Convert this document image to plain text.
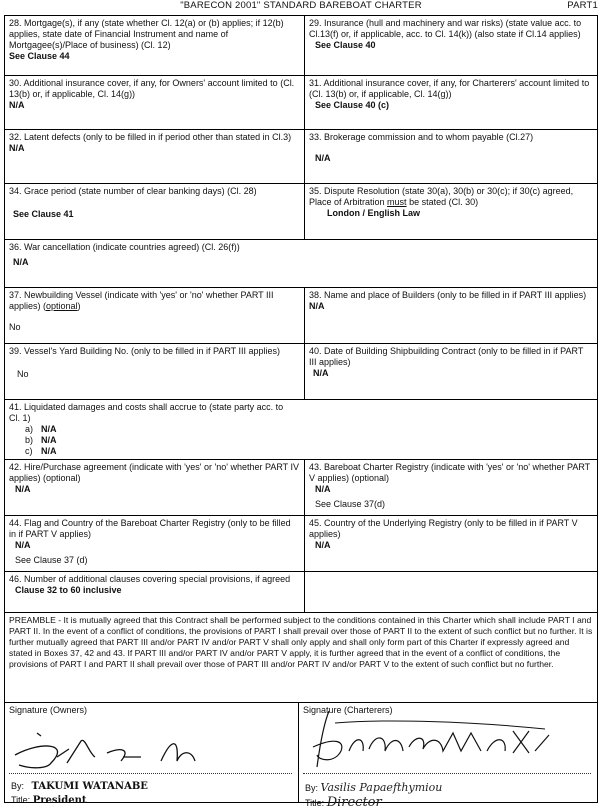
"BARECON 2001" STANDARD BAREBOAT CHARTER	PART1
28. Mortgage(s), if any (state whether Cl. 12(a) or (b) applies; if 12(b) applies, state date of Financial Instrument and name of Mortgagee(s)/Place of business) (Cl. 12)
See Clause 44
29. Insurance (hull and machinery and war risks) (state value acc. to Cl.13(f) or, if applicable, acc. to Cl. 14(k)) (also state if Cl.14 applies)
See Clause 40
30. Additional insurance cover, if any, for Owners' account limited to (Cl. 13(b) or, if applicable, Cl. 14(g))
N/A
31. Additional insurance cover, if any, for Charterers' account limited to (Cl. 13(b) or, if applicable, Cl. 14(g))
See Clause 40 (c)
32. Latent defects (only to be filled in if period other than stated in Cl.3)
N/A
33. Brokerage commission and to whom payable (Cl.27)
N/A
34. Grace period (state number of clear banking days) (Cl. 28)
See Clause 41
35. Dispute Resolution (state 30(a), 30(b) or 30(c); if 30(c) agreed, Place of Arbitration must be stated (Cl. 30)
London / English Law
36. War cancellation (indicate countries agreed) (Cl. 26(f))
N/A
37. Newbuilding Vessel (indicate with 'yes' or 'no' whether PART III applies) (optional)
No
38. Name and place of Builders (only to be filled in if PART III applies)
N/A
39. Vessel's Yard Building No. (only to be filled in if PART III applies)
No
40. Date of Building Shipbuilding Contract (only to be filled in if PART III applies)
N/A
41. Liquidated damages and costs shall accrue to (state party acc. to Cl. 1)
a) N/A
b) N/A
c) N/A
42. Hire/Purchase agreement (indicate with 'yes' or 'no' whether PART IV applies) (optional)
N/A
43. Bareboat Charter Registry (indicate with 'yes' or 'no' whether PART V applies) (optional)
N/A
See Clause 37(d)
44. Flag and Country of the Bareboat Charter Registry (only to be filled in if PART V applies)
N/A
See Clause 37 (d)
45. Country of the Underlying Registry (only to be filled in if PART V applies)
N/A
46. Number of additional clauses covering special provisions, if agreed
Clause 32 to 60 inclusive
PREAMBLE - It is mutually agreed that this Contract shall be performed subject to the conditions contained in this Charter which shall include PART I and PART II. In the event of a conflict of conditions, the provisions of PART I shall prevail over those of PART II to the extent of such conflict but no further. It is further mutually agreed that PART III and/or PART IV and/or PART V shall only apply and shall only form part of this Charter if expressly agreed and stated in Boxes 37, 42 and 43. If PART III and/or PART IV and/or PART V apply, it is further agreed that in the event of a conflict of conditions, the provisions of PART I and PART II shall prevail over those of PART III and/or PART IV and/or PART V to the extent of such conflict but no further.
Signature (Owners)
By: TAKUMI WATANABE
Title: President
Signature (Charterers)
By: Vasilis Papaefthymiou
Title: Director
